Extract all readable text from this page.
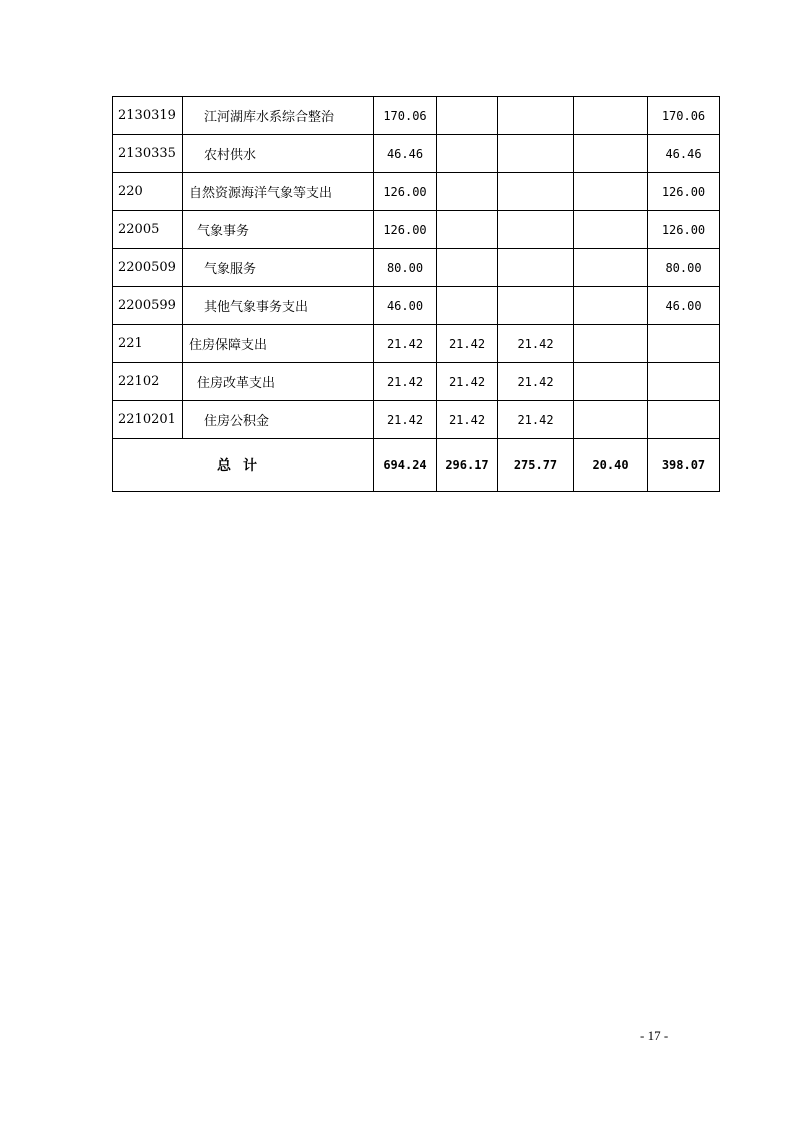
2130319	江河湖库水系综合整治	170.06				170.06
2130335	农村供水	46.46				46.46
220	自然资源海洋气象等支出	126.00				126.00
22005	气象事务	126.00				126.00
2200509	气象服务	80.00				80.00
2200599	其他气象事务支出	46.00				46.00
221	住房保障支出	21.42	21.42	21.42		
22102	住房改革支出	21.42	21.42	21.42		
2210201	住房公积金	21.42	21.42	21.42		
总计		694.24	296.17	275.77	20.40	398.07
- 17 -
